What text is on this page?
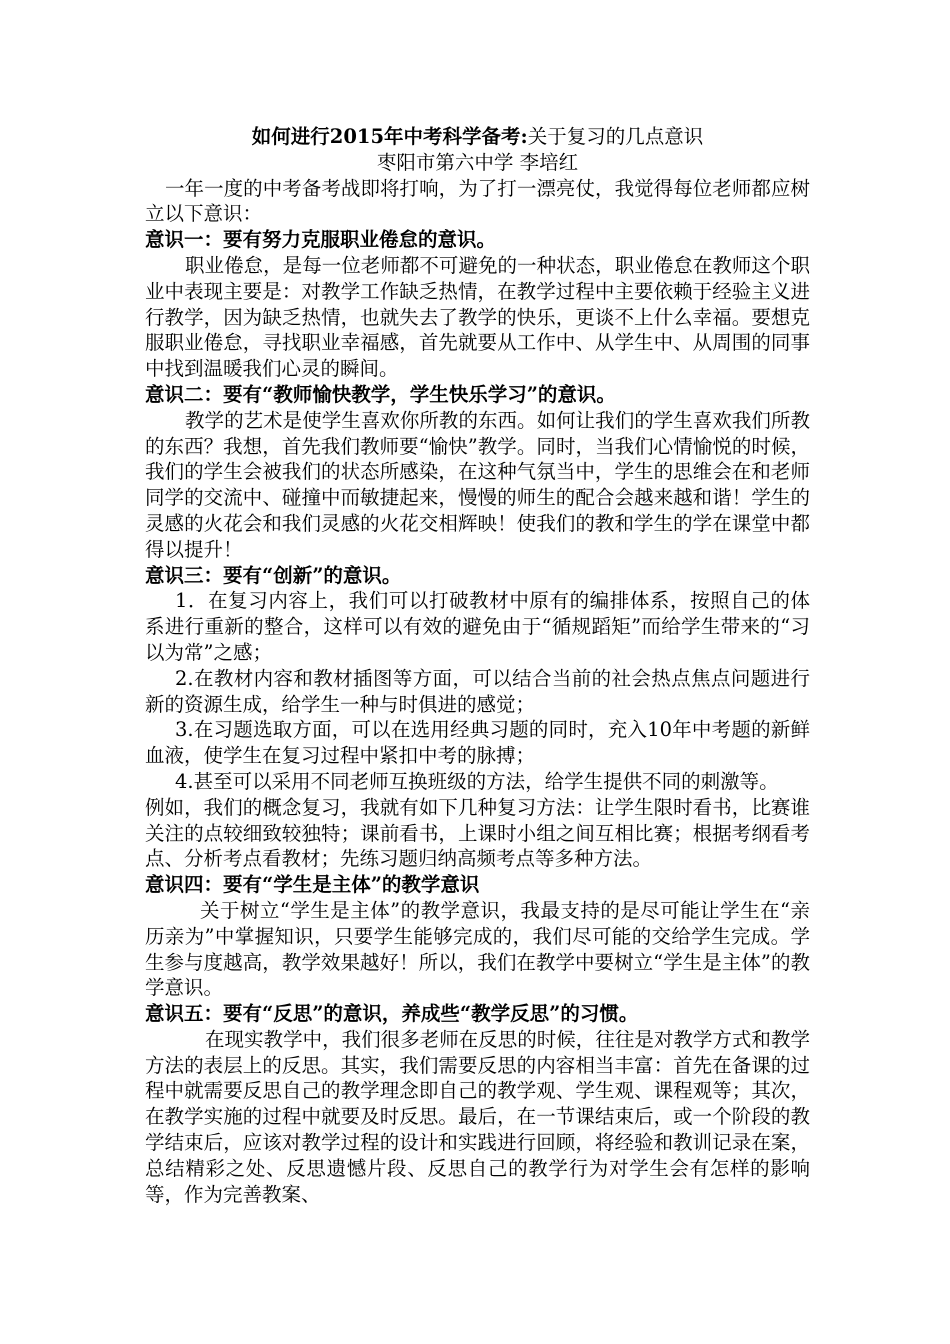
如何进行2015年中考科学备考:关于复习的几点意识
枣阳市第六中学 李培红

一年一度的中考备考战即将打响，为了打一漂亮仗，我觉得每位老师都应树立以下意识：

意识一：要有努力克服职业倦怠的意识。

职业倦怠，是每一位老师都不可避免的一种状态，职业倦怠在教师这个职业中表现主要是：对教学工作缺乏热情，在教学过程中主要依赖于经验主义进行教学，因为缺乏热情，也就失去了教学的快乐，更谈不上什么幸福。要想克服职业倦怠，寻找职业幸福感，首先就要从工作中、从学生中、从周围的同事中找到温暖我们心灵的瞬间。

意识二：要有“教师愉快教学，学生快乐学习”的意识。

教学的艺术是使学生喜欢你所教的东西。如何让我们的学生喜欢我们所教的东西？我想，首先我们教师要“愉快”教学。同时，当我们心情愉悦的时候，我们的学生会被我们的状态所感染，在这种气氛当中，学生的思维会在和老师同学的交流中、碰撞中而敏捷起来，慢慢的师生的配合会越来越和谐！学生的灵感的火花会和我们灵感的火花交相辉映！使我们的教和学生的学在课堂中都得以提升！

意识三：要有“创新”的意识。

1．在复习内容上，我们可以打破教材中原有的编排体系，按照自己的体系进行重新的整合，这样可以有效的避免由于“循规蹈矩”而给学生带来的“习以为常”之感；

2.在教材内容和教材插图等方面，可以结合当前的社会热点焦点问题进行新的资源生成，给学生一种与时俱进的感觉；

3.在习题选取方面，可以在选用经典习题的同时，充入10年中考题的新鲜血液，使学生在复习过程中紧扣中考的脉搏；

4.甚至可以采用不同老师互换班级的方法，给学生提供不同的刺激等。

例如，我们的概念复习，我就有如下几种复习方法：让学生限时看书，比赛谁关注的点较细致较独特；课前看书，上课时小组之间互相比赛；根据考纲看考点、分析考点看教材；先练习题归纳高频考点等多种方法。

意识四：要有“学生是主体”的教学意识

关于树立“学生是主体”的教学意识，我最支持的是尽可能让学生在“亲历亲为”中掌握知识，只要学生能够完成的，我们尽可能的交给学生完成。学生参与度越高，教学效果越好！所以，我们在教学中要树立“学生是主体”的教学意识。

意识五：要有“反思”的意识，养成些“教学反思”的习惯。

在现实教学中，我们很多老师在反思的时候，往往是对教学方式和教学方法的表层上的反思。其实，我们需要反思的内容相当丰富：首先在备课的过程中就需要反思自己的教学理念即自己的教学观、学生观、课程观等；其次，在教学实施的过程中就要及时反思。最后，在一节课结束后，或一个阶段的教学结束后，应该对教学过程的设计和实践进行回顾，将经验和教训记录在案，总结精彩之处、反思遗憾片段、反思自己的教学行为对学生会有怎样的影响等，作为完善教案、
